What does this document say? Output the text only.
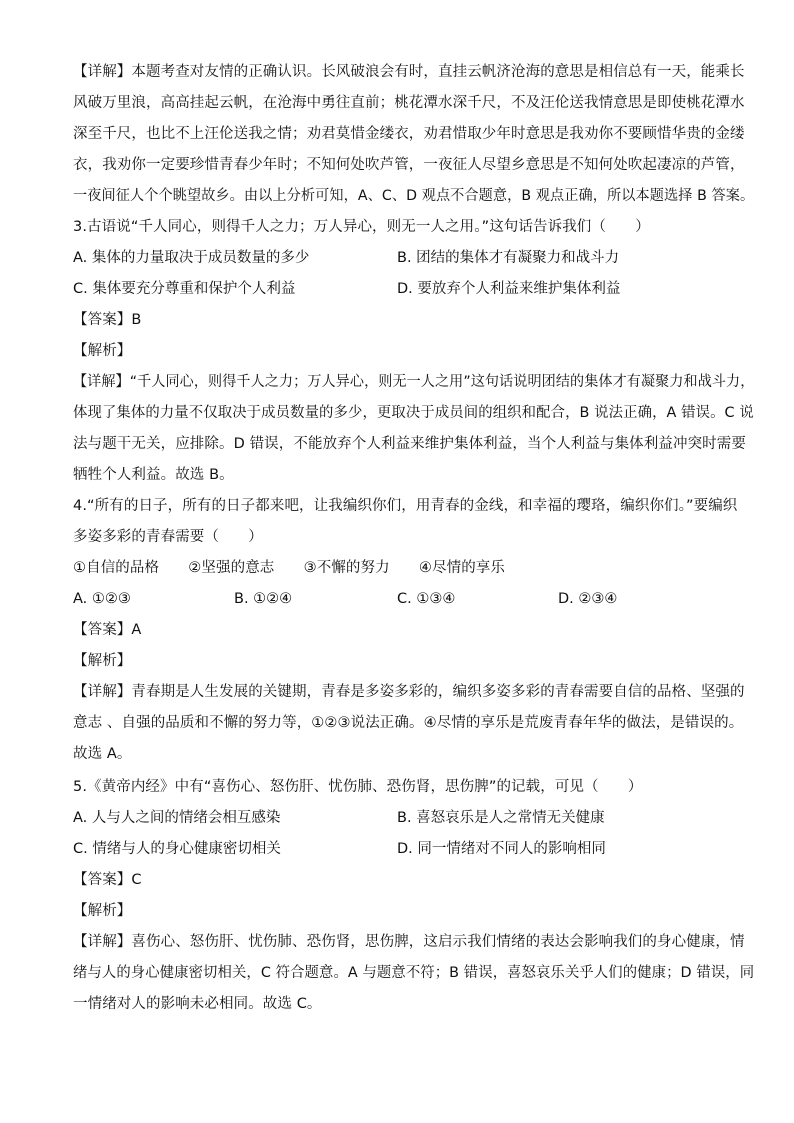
【详解】本题考查对友情的正确认识。长风破浪会有时，直挂云帆济沧海的意思是相信总有一天，能乘长
风破万里浪，高高挂起云帆，在沧海中勇往直前；桃花潭水深千尺，不及汪伦送我情意思是即使桃花潭水
深至千尺，也比不上汪伦送我之情；劝君莫惜金缕衣，劝君惜取少年时意思是我劝你不要顾惜华贵的金缕
衣，我劝你一定要珍惜青春少年时；不知何处吹芦管，一夜征人尽望乡意思是不知何处吹起凄凉的芦管，
一夜间征人个个眺望故乡。由以上分析可知，A、C、D 观点不合题意，B 观点正确，所以本题选择 B 答案。
3.古语说“千人同心，则得千人之力；万人异心，则无一人之用。”这句话告诉我们（　　）
A. 集体的力量取决于成员数量的多少	B. 团结的集体才有凝聚力和战斗力
C. 集体要充分尊重和保护个人利益	D. 要放弃个人利益来维护集体利益
【答案】B
【解析】
【详解】“千人同心，则得千人之力；万人异心，则无一人之用”这句话说明团结的集体才有凝聚力和战斗力，
体现了集体的力量不仅取决于成员数量的多少，更取决于成员间的组织和配合，B 说法正确，A 错误。C 说
法与题干无关，应排除。D 错误，不能放弃个人利益来维护集体利益，当个人利益与集体利益冲突时需要
牺牲个人利益。故选 B。
4.“所有的日子，所有的日子都来吧，让我编织你们，用青春的金线，和幸福的璎珞，编织你们。”要编织
多姿多彩的青春需要（　　）
①自信的品格　　②坚强的意志　　③不懈的努力　　④尽情的享乐
A. ①②③	B. ①②④	C. ①③④	D. ②③④
【答案】A
【解析】
【详解】青春期是人生发展的关键期，青春是多姿多彩的，编织多姿多彩的青春需要自信的品格、坚强的
意志 、自强的品质和不懈的努力等，①②③说法正确。④尽情的享乐是荒废青春年华的做法，是错误的。
故选 A。
5.《黄帝内经》中有“喜伤心、怒伤肝、忧伤肺、恐伤肾，思伤脾”的记载，可见（　　）
A. 人与人之间的情绪会相互感染	B. 喜怒哀乐是人之常情无关健康
C. 情绪与人的身心健康密切相关	D. 同一情绪对不同人的影响相同
【答案】C
【解析】
【详解】喜伤心、怒伤肝、忧伤肺、恐伤肾，思伤脾，这启示我们情绪的表达会影响我们的身心健康，情
绪与人的身心健康密切相关，C 符合题意。A 与题意不符；B 错误，喜怒哀乐关乎人们的健康；D 错误，同
一情绪对人的影响未必相同。故选 C。
